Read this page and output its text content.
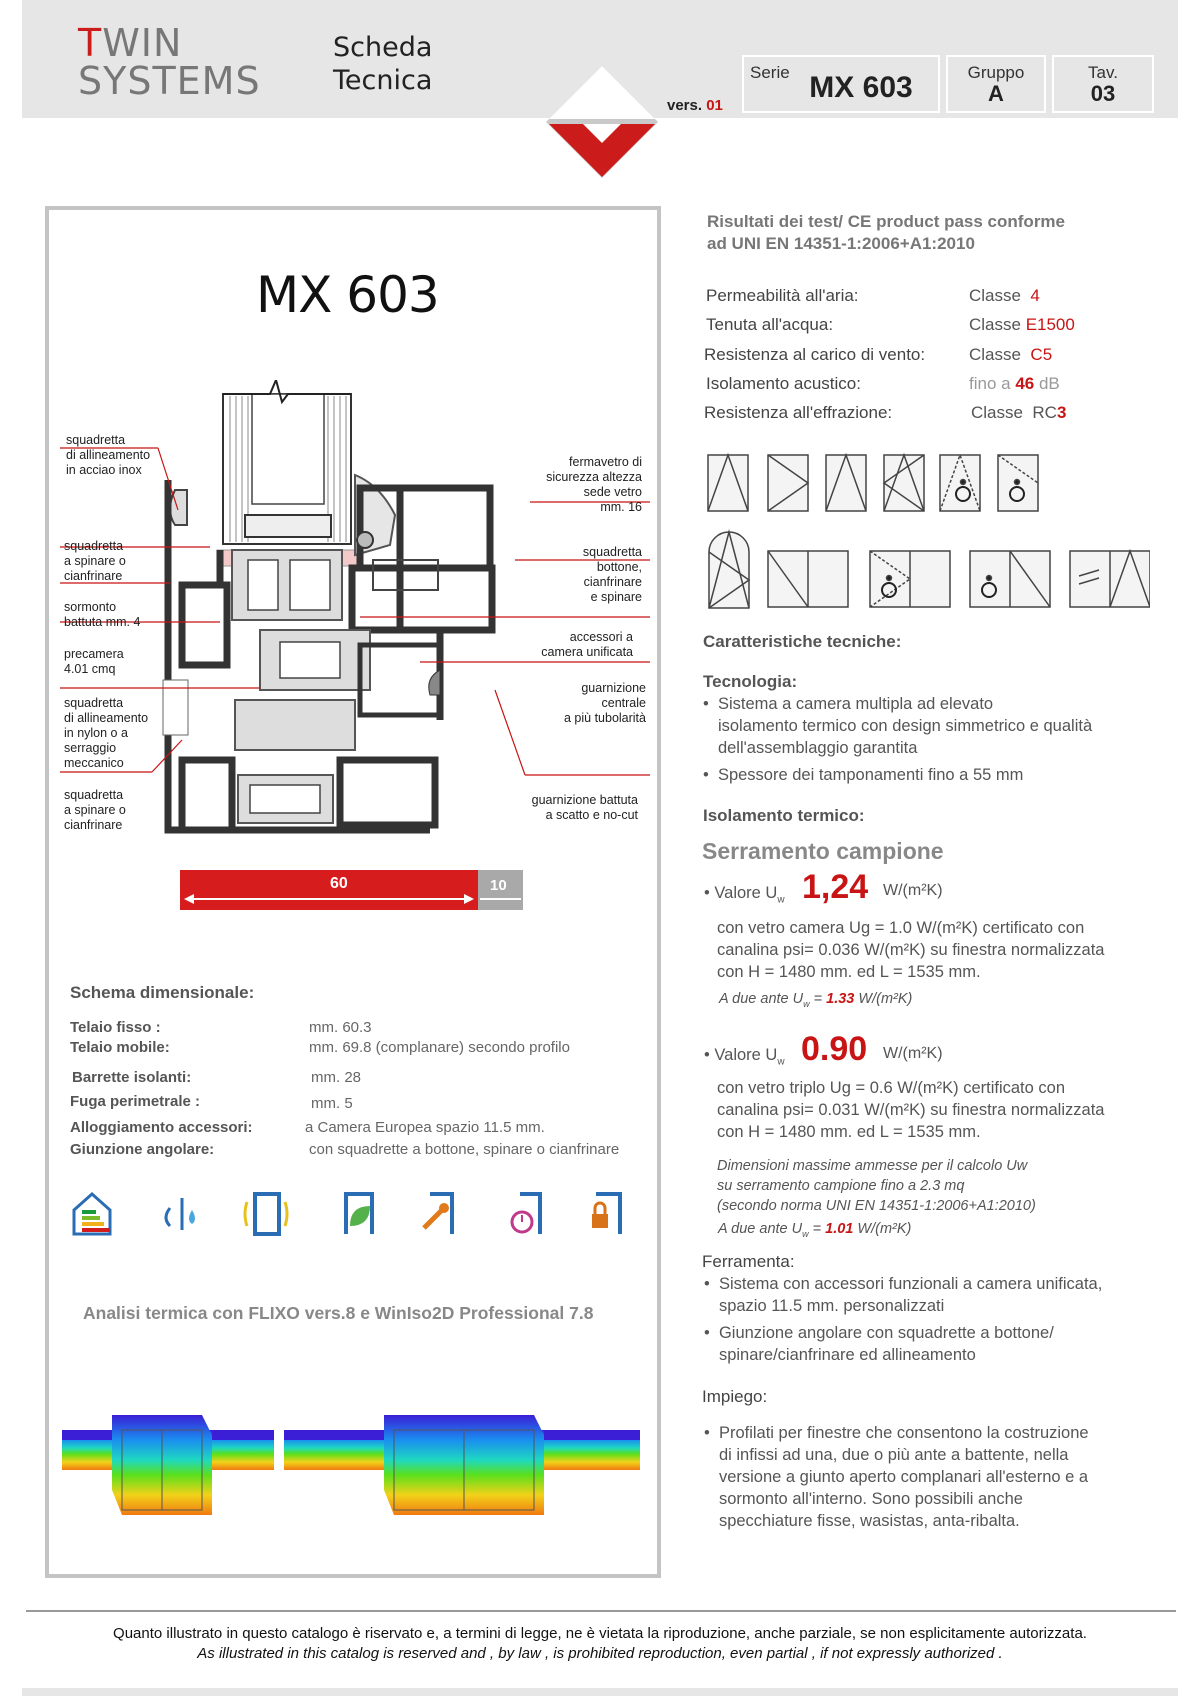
TWIN
SYSTEMS
Scheda
Tecnica
vers. 01
Serie MX 603	Gruppo
A
Tav.
03
MX 603
squadretta
di allineamento
in acciao inox
squadretta
a spinare o
cianfrinare
sormonto
battuta mm. 4
precamera
4.01 cmq
squadretta
di allineamento
in nylon o a
serraggio
meccanico
squadretta
a spinare o
cianfrinare
fermavetro di
sicurezza altezza
sede vetro
mm. 16
squadretta
bottone,
cianfrinare
e spinare
accessori a
camera unificata
guarnizione
centrale
a più tubolarità
guarnizione battuta
a scatto e no-cut
60	10
Schema dimensionale:
Telaio fisso :	mm. 60.3
Telaio mobile:	mm. 69.8 (complanare) secondo profilo
Barrette isolanti:	mm. 28
Fuga perimetrale :	mm. 5
Alloggiamento accessori:	a Camera Europea spazio 11.5 mm.
Giunzione angolare:	con squadrette a bottone, spinare o cianfrinare
Analisi termica con FLIXO vers.8 e WinIso2D Professional 7.8
Risultati dei test/ CE product pass conforme
ad UNI EN 14351-1:2006+A1:2010
Permeabilità all'aria:	Classe  4
Tenuta all'acqua:	Classe E1500
Resistenza al carico di vento:	Classe  C5
Isolamento acustico:	fino a 46 dB
Resistenza all'effrazione:	Classe  RC3
Caratteristiche tecniche:
Tecnologia:
•  Sistema a camera multipla ad elevato
isolamento termico con design simmetrico e qualità
dell'assemblaggio garantita
•  Spessore dei tamponamenti fino a 55 mm
Isolamento termico:
Serramento campione
• Valore $U_w$ 1,24 W/(m²K)
con vetro camera Ug = 1.0 W/(m²K) certificato con
canalina psi= 0.036 W/(m²K) su finestra normalizzata
con H = 1480 mm. ed L = 1535 mm.
A due ante $U_w = 1.33$ W/(m²K)
• Valore $U_w$ 0.90 W/(m²K)
con vetro triplo Ug = 0.6 W/(m²K) certificato con
canalina psi= 0.031 W/(m²K) su finestra normalizzata
con H = 1480 mm. ed L = 1535 mm.
Dimensioni massime ammesse per il calcolo Uw
su serramento campione fino a 2.3 mq
(secondo norma UNI EN 14351-1:2006+A1:2010)
A due ante $U_w = 1.01$ W/(m²K)
Ferramenta:
•  Sistema con accessori funzionali a camera unificata,
spazio 11.5 mm. personalizzati
•  Giunzione angolare con squadrette a bottone/
spinare/cianfrinare ed allineamento
Impiego:
•  Profilati per finestre che consentono la costruzione
di infissi ad una, due o più ante a battente, nella
versione a giunto aperto complanari all'esterno e a
sormonto all'interno. Sono possibili anche
specchiature fisse, wasistas, anta-ribalta.
Quanto illustrato in questo catalogo è riservato e, a termini di legge, ne è vietata la riproduzione, anche parziale, se non esplicitamente autorizzata.
As illustrated in this catalog is reserved and , by law , is prohibited reproduction, even partial , if not expressly authorized .
